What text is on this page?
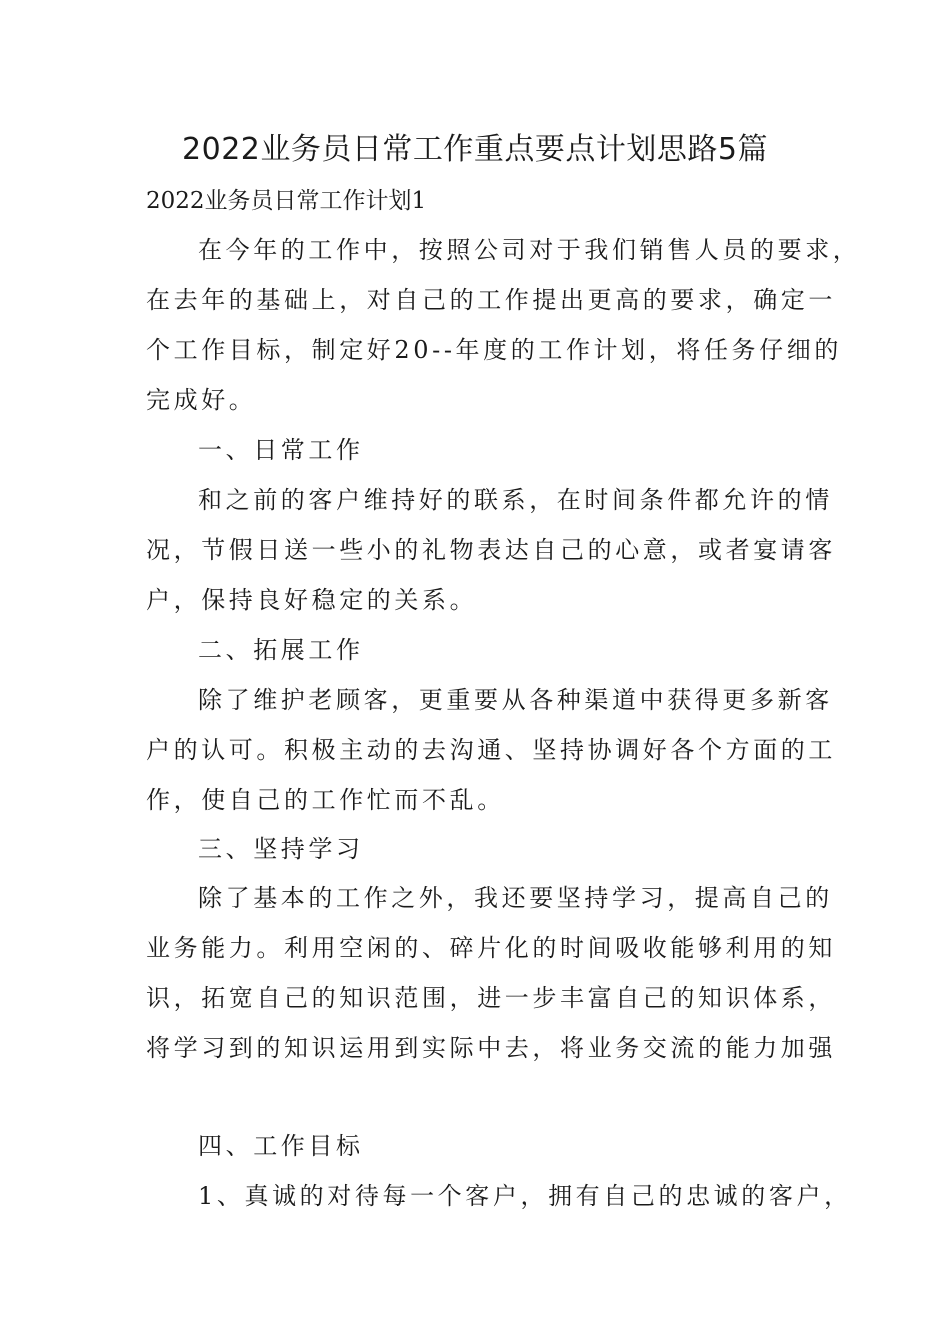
2022业务员日常工作重点要点计划思路5篇
2022业务员日常工作计划1
在今年的工作中，按照公司对于我们销售人员的要求，
在去年的基础上，对自己的工作提出更高的要求，确定一
个工作目标，制定好20--年度的工作计划，将任务仔细的
完成好。
一、日常工作
和之前的客户维持好的联系，在时间条件都允许的情
况，节假日送一些小的礼物表达自己的心意，或者宴请客
户，保持良好稳定的关系。
二、拓展工作
除了维护老顾客，更重要从各种渠道中获得更多新客
户的认可。积极主动的去沟通、坚持协调好各个方面的工
作，使自己的工作忙而不乱。
三、坚持学习
除了基本的工作之外，我还要坚持学习，提高自己的
业务能力。利用空闲的、碎片化的时间吸收能够利用的知
识，拓宽自己的知识范围，进一步丰富自己的知识体系，
将学习到的知识运用到实际中去，将业务交流的能力加强
四、工作目标
1、真诚的对待每一个客户，拥有自己的忠诚的客户，
